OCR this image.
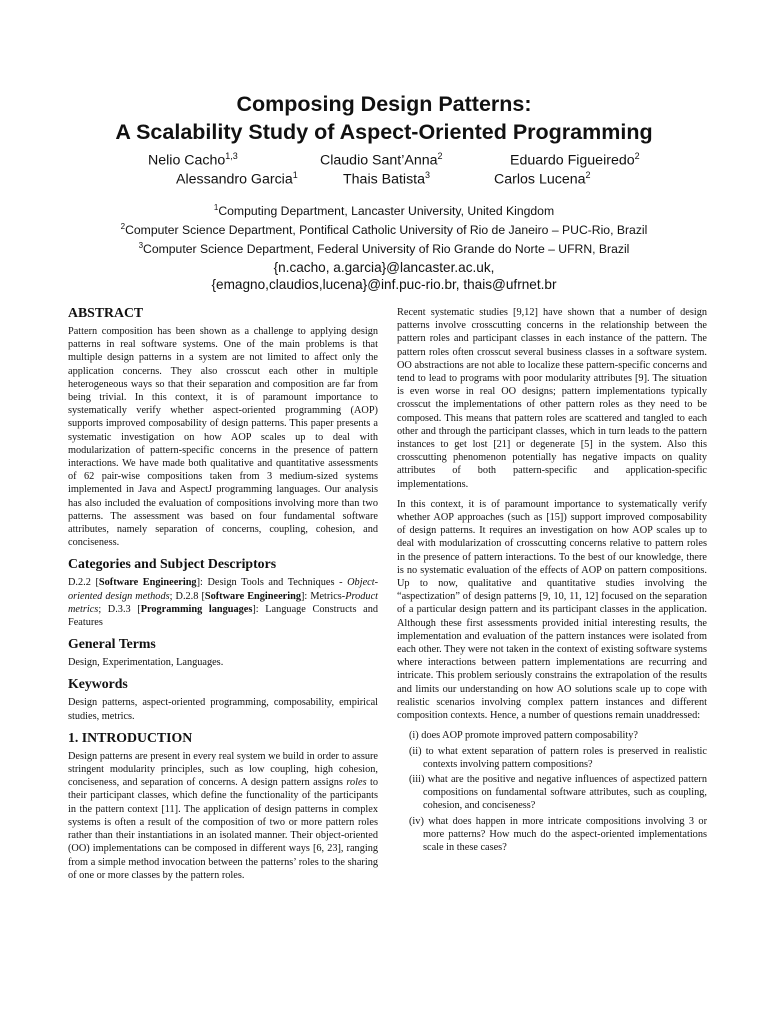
Composing Design Patterns:
A Scalability Study of Aspect-Oriented Programming
Nelio Cacho$^{1,3}$	Claudio Sant’Anna$^2$	Eduardo Figueiredo$^2$
Alessandro Garcia$^1$	Thais Batista$^3$	Carlos Lucena$^2$
$^1$Computing Department, Lancaster University, United Kingdom
$^2$Computer Science Department, Pontifical Catholic University of Rio de Janeiro – PUC-Rio, Brazil
$^3$Computer Science Department, Federal University of Rio Grande do Norte – UFRN, Brazil
{n.cacho, a.garcia}@lancaster.ac.uk,
{emagno,claudios,lucena}@inf.puc-rio.br, thais@ufrnet.br
ABSTRACT

Pattern composition has been shown as a challenge to applying design patterns in real software systems. One of the main problems is that multiple design patterns in a system are not limited to affect only the application concerns. They also crosscut each other in multiple heterogeneous ways so that their separation and composition are far from being trivial. In this context, it is of paramount importance to systematically verify whether aspect-oriented programming (AOP) supports improved composability of design patterns. This paper presents a systematic investigation on how AOP scales up to deal with modularization of pattern-specific concerns in the presence of pattern interactions. We have made both qualitative and quantitative assessments of 62 pair-wise compositions taken from 3 medium-sized systems implemented in Java and AspectJ programming languages. Our analysis has also included the evaluation of compositions involving more than two patterns. The assessment was based on four fundamental software attributes, namely separation of concerns, coupling, cohesion, and conciseness.

Categories and Subject Descriptors

D.2.2 [Software Engineering]: Design Tools and Techniques - Object-oriented design methods; D.2.8 [Software Engineering]: Metrics-Product metrics; D.3.3 [Programming languages]: Language Constructs and Features

General Terms

Design, Experimentation, Languages.

Keywords

Design patterns, aspect-oriented programming, composability, empirical studies, metrics.

1. INTRODUCTION

Design patterns are present in every real system we build in order to assure stringent modularity principles, such as low coupling, high cohesion, conciseness, and separation of concerns. A design pattern assigns roles to their participant classes, which define the functionality of the participants in the pattern context [11]. The application of design patterns in complex systems is often a result of the composition of two or more pattern roles rather than their instantiations in an isolated manner. Their object-oriented (OO) implementations can be composed in different ways [6, 23], ranging from a simple method invocation between the patterns’ roles to the sharing of one or more classes by the pattern roles.

Recent systematic studies [9,12] have shown that a number of design patterns involve crosscutting concerns in the relationship between the pattern roles and participant classes in each instance of the pattern. The pattern roles often crosscut several business classes in a software system. OO abstractions are not able to localize these pattern-specific concerns and tend to lead to programs with poor modularity attributes [9]. The situation is even worse in real OO designs; pattern implementations typically crosscut the implementations of other pattern roles as they need to be composed. This means that pattern roles are scattered and tangled to each other and through the participant classes, which in turn leads to the pattern instances to get lost [21] or degenerate [5] in the system. Also this crosscutting phenomenon potentially has negative impacts on quality attributes of both pattern-specific and application-specific implementations.

In this context, it is of paramount importance to systematically verify whether AOP approaches (such as [15]) support improved composability of design patterns. It requires an investigation on how AOP scales up to deal with modularization of crosscutting concerns relative to pattern roles in the presence of pattern interactions. To the best of our knowledge, there is no systematic evaluation of the effects of AOP on pattern compositions. Up to now, qualitative and quantitative studies involving the “aspectization” of design patterns [9, 10, 11, 12] focused on the separation of a particular design pattern and its participant classes in the application. Although these first assessments provided initial interesting results, the implementation and evaluation of the pattern instances were isolated from each other. They were not taken in the context of existing software systems where interactions between pattern implementations are recurring and intricate. This problem seriously constrains the extrapolation of the results and limits our understanding on how AO solutions scale up to cope with realistic scenarios involving complex pattern instances and different composition contexts. Hence, a number of questions remain unaddressed:

(i) does AOP promote improved pattern composability?
(ii) to what extent separation of pattern roles is preserved in realistic contexts involving pattern compositions?
(iii) what are the positive and negative influences of aspectized pattern compositions on fundamental software attributes, such as coupling, cohesion, and conciseness?
(iv) what does happen in more intricate compositions involving 3 or more patterns? How much do the aspect-oriented implementations scale in these cases?
